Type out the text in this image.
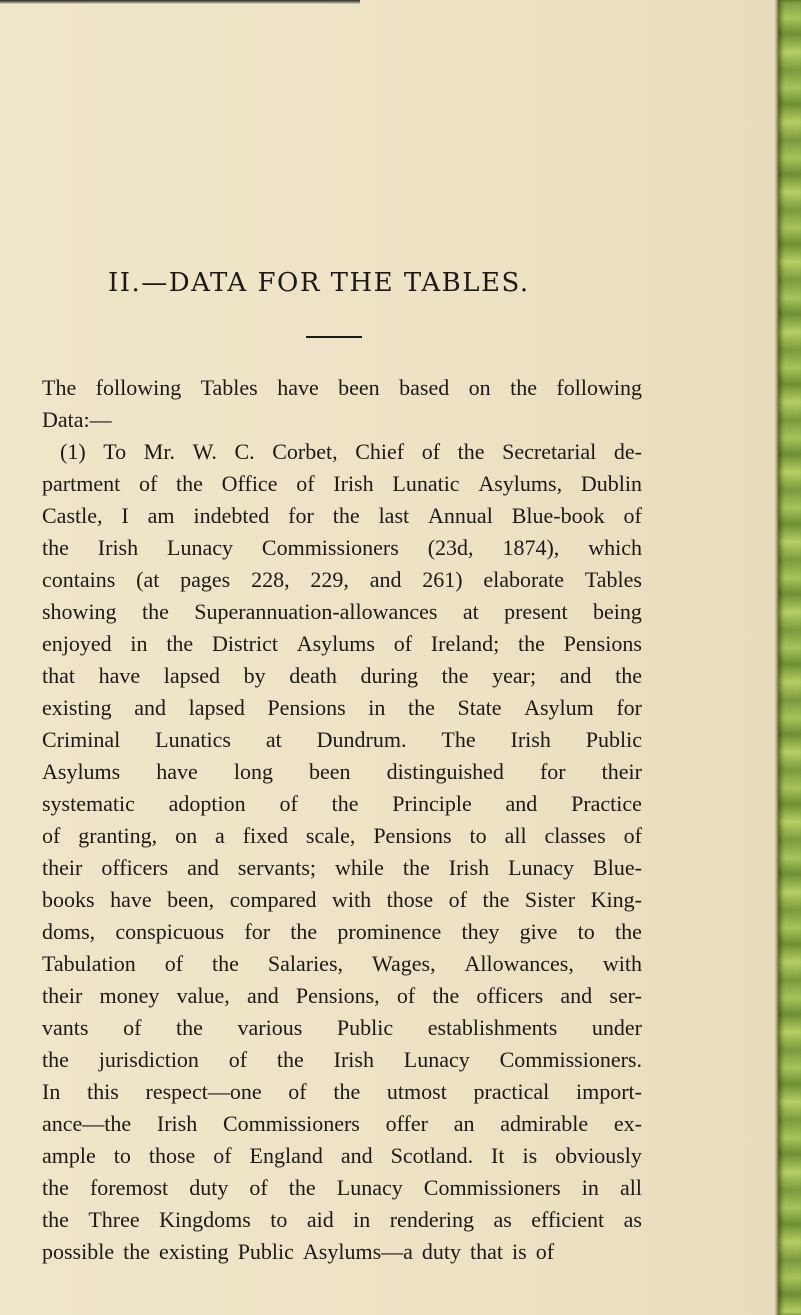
II.—DATA FOR THE TABLES.
The following Tables have been based on the following
Data:—
(1) To Mr. W. C. Corbet, Chief of the Secretarial de-
partment of the Office of Irish Lunatic Asylums, Dublin
Castle, I am indebted for the last Annual Blue-book of
the Irish Lunacy Commissioners (23d, 1874), which
contains (at pages 228, 229, and 261) elaborate Tables
showing the Superannuation-allowances at present being
enjoyed in the District Asylums of Ireland; the Pensions
that have lapsed by death during the year; and the
existing and lapsed Pensions in the State Asylum for
Criminal Lunatics at Dundrum. The Irish Public
Asylums have long been distinguished for their
systematic adoption of the Principle and Practice
of granting, on a fixed scale, Pensions to all classes of
their officers and servants; while the Irish Lunacy Blue-
books have been, compared with those of the Sister King-
doms, conspicuous for the prominence they give to the
Tabulation of the Salaries, Wages, Allowances, with
their money value, and Pensions, of the officers and ser-
vants of the various Public establishments under
the jurisdiction of the Irish Lunacy Commissioners.
In this respect—one of the utmost practical import-
ance—the Irish Commissioners offer an admirable ex-
ample to those of England and Scotland. It is obviously
the foremost duty of the Lunacy Commissioners in all
the Three Kingdoms to aid in rendering as efficient as
possible the existing Public Asylums—a duty that is of
